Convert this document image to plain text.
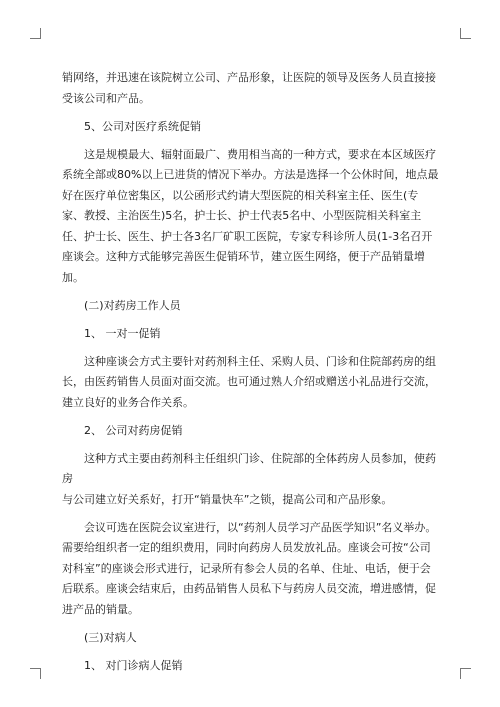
销网络，并迅速在该院树立公司、产品形象，让医院的领导及医务人员直接接受该公司和产品。

5、公司对医疗系统促销

这是规模最大、辐射面最广、费用相当高的一种方式，要求在本区域医疗系统全部或80%以上已进货的情况下举办。方法是选择一个公休时间，地点最好在医疗单位密集区，以公函形式约请大型医院的相关科室主任、医生(专家、教授、主治医生)5名，护士长、护士代表5名中、小型医院相关科室主任、护士长、医生、护士各3名厂矿职工医院，专家专科诊所人员(1-3名召开座谈会。这种方式能够完善医生促销环节，建立医生网络，便于产品销量增加。

(二)对药房工作人员

1、 一对一促销

这种座谈会方式主要针对药剂科主任、采购人员、门诊和住院部药房的组长，由医药销售人员面对面交流。也可通过熟人介绍或赠送小礼品进行交流，建立良好的业务合作关系。

2、 公司对药房促销

这种方式主要由药剂科主任组织门诊、住院部的全体药房人员参加，使药房

与公司建立好关系好，打开“销量快车”之锁，提高公司和产品形象。

会议可选在医院会议室进行，以“药剂人员学习产品医学知识”名义举办。需要给组织者一定的组织费用，同时向药房人员发放礼品。座谈会可按“公司对科室”的座谈会形式进行，记录所有参会人员的名单、住址、电话，便于会后联系。座谈会结束后，由药品销售人员私下与药房人员交流，增进感情，促进产品的销量。

(三)对病人

1、 对门诊病人促销
